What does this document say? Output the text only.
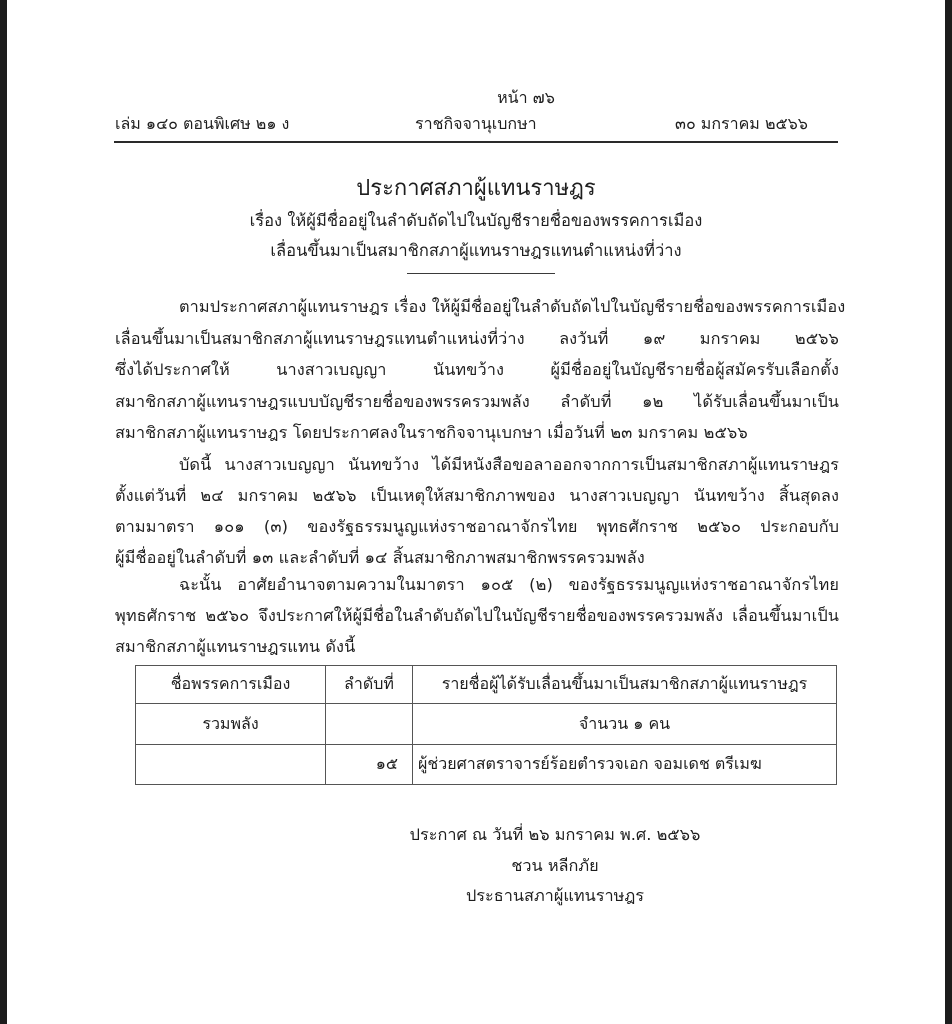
หน้า ๗๖
เล่ม ๑๔๐ ตอนพิเศษ ๒๑ ง	ราชกิจจานุเบกษา	๓๐ มกราคม ๒๕๖๖
ประกาศสภาผู้แทนราษฎร
เรื่อง ให้ผู้มีชื่ออยู่ในลำดับถัดไปในบัญชีรายชื่อของพรรคการเมือง
เลื่อนขึ้นมาเป็นสมาชิกสภาผู้แทนราษฎรแทนตำแหน่งที่ว่าง
ตามประกาศสภาผู้แทนราษฎร เรื่อง ให้ผู้มีชื่ออยู่ในลำดับถัดไปในบัญชีรายชื่อของพรรคการเมือง
เลื่อนขึ้นมาเป็นสมาชิกสภาผู้แทนราษฎรแทนตำแหน่งที่ว่าง ลงวันที่ ๑๙ มกราคม ๒๕๖๖
ซึ่งได้ประกาศให้ นางสาวเบญญา นันทขว้าง ผู้มีชื่ออยู่ในบัญชีรายชื่อผู้สมัครรับเลือกตั้ง
สมาชิกสภาผู้แทนราษฎรแบบบัญชีรายชื่อของพรรครวมพลัง ลำดับที่ ๑๒ ได้รับเลื่อนขึ้นมาเป็น
สมาชิกสภาผู้แทนราษฎร โดยประกาศลงในราชกิจจานุเบกษา เมื่อวันที่ ๒๓ มกราคม ๒๕๖๖
บัดนี้ นางสาวเบญญา นันทขว้าง ได้มีหนังสือขอลาออกจากการเป็นสมาชิกสภาผู้แทนราษฎร
ตั้งแต่วันที่ ๒๔ มกราคม ๒๕๖๖ เป็นเหตุให้สมาชิกภาพของ นางสาวเบญญา นันทขว้าง สิ้นสุดลง
ตามมาตรา ๑๐๑ (๓) ของรัฐธรรมนูญแห่งราชอาณาจักรไทย พุทธศักราช ๒๕๖๐ ประกอบกับ
ผู้มีชื่ออยู่ในลำดับที่ ๑๓ และลำดับที่ ๑๔ สิ้นสมาชิกภาพสมาชิกพรรครวมพลัง
ฉะนั้น อาศัยอำนาจตามความในมาตรา ๑๐๕ (๒) ของรัฐธรรมนูญแห่งราชอาณาจักรไทย
พุทธศักราช ๒๕๖๐ จึงประกาศให้ผู้มีชื่อในลำดับถัดไปในบัญชีรายชื่อของพรรครวมพลัง เลื่อนขึ้นมาเป็น
สมาชิกสภาผู้แทนราษฎรแทน ดังนี้
ชื่อพรรคการเมือง	ลำดับที่	รายชื่อผู้ได้รับเลื่อนขึ้นมาเป็นสมาชิกสภาผู้แทนราษฎร
รวมพลัง		จำนวน ๑ คน
	๑๕	ผู้ช่วยศาสตราจารย์ร้อยตำรวจเอก จอมเดช ตรีเมฆ
ประกาศ ณ วันที่ ๒๖ มกราคม พ.ศ. ๒๕๖๖
ชวน หลีกภัย
ประธานสภาผู้แทนราษฎร
